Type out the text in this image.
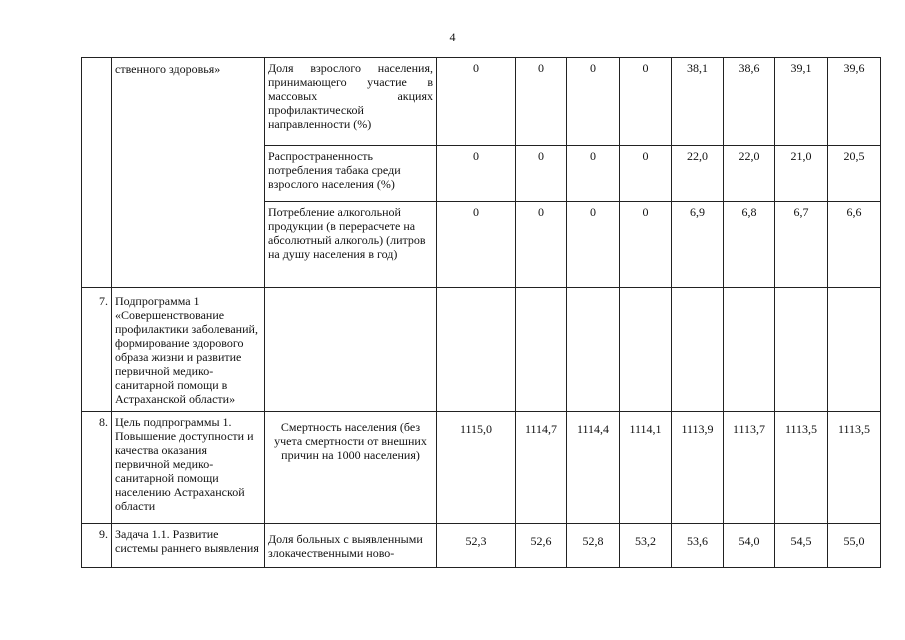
4
	ственного здоровья»	Доля взрослого населения, принимающего участие в массовых акциях профилактической направленности (%)	0	0	0	0	38,1	38,6	39,1	39,6
		Распространенность потребления табака среди взрослого населения (%)	0	0	0	0	22,0	22,0	21,0	20,5
		Потребление алкогольной продукции (в перерасчете на абсолютный алкоголь) (литров на душу населения в год)	0	0	0	0	6,9	6,8	6,7	6,6
7.	Подпрограмма 1 «Совершенствование профилактики заболеваний, формирование здорового образа жизни и развитие первичной медико-санитарной помощи в Астраханской области»									
8.	Цель подпрограммы 1. Повышение доступности и качества оказания первичной медико-санитарной помощи населению Астраханской области	Смертность населения (без учета смертности от внешних причин на 1000 населения)	1115,0	1114,7	1114,4	1114,1	1113,9	1113,7	1113,5	1113,5
9.	Задача 1.1. Развитие системы раннего выявления	Доля больных с выявленными злокачественными ново-	52,3	52,6	52,8	53,2	53,6	54,0	54,5	55,0
